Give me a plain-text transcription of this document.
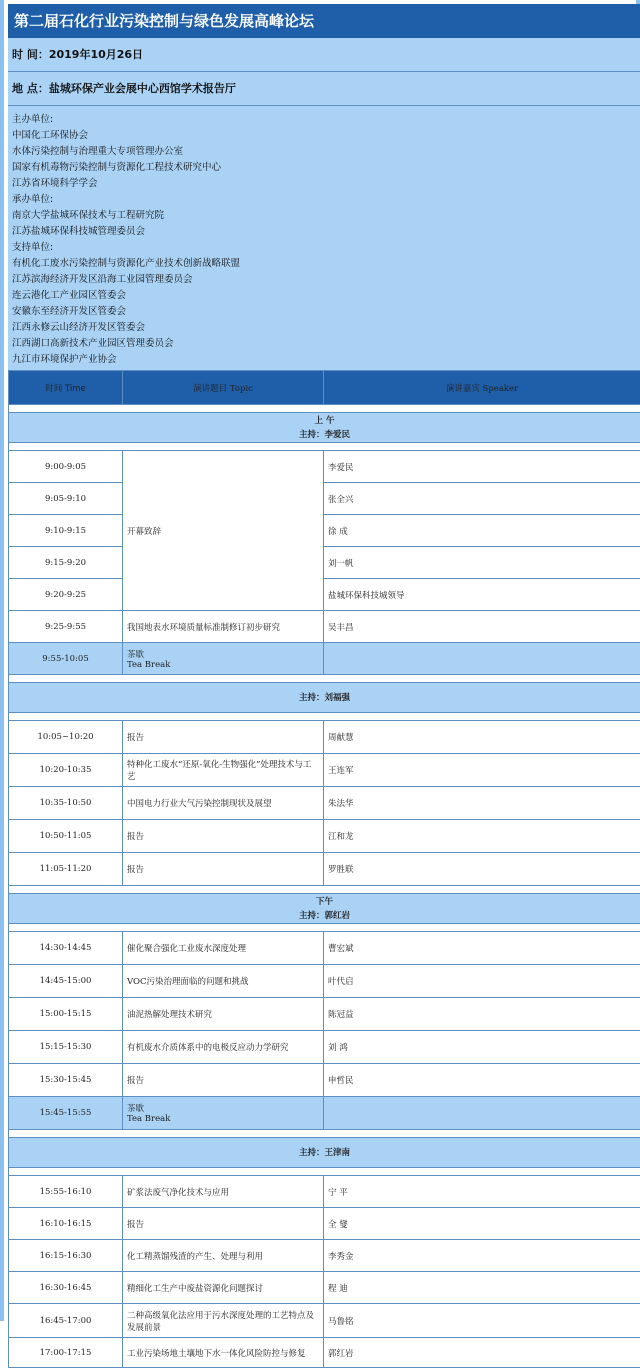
第二届石化行业污染控制与绿色发展高峰论坛
时 间：2019年10月26日
地 点：盐城环保产业会展中心西馆学术报告厅
主办单位:
中国化工环保协会
水体污染控制与治理重大专项管理办公室
国家有机毒物污染控制与资源化工程技术研究中心
江苏省环境科学学会
承办单位:
南京大学盐城环保技术与工程研究院
江苏盐城环保科技城管理委员会
支持单位:
有机化工废水污染控制与资源化产业技术创新战略联盟
江苏滨海经济开发区沿海工业园管理委员会
连云港化工产业园区管委会
安徽东至经济开发区管委会
江西永修云山经济开发区管委会
江西湖口高新技术产业园区管理委员会
九江市环境保护产业协会
时间 Time	演讲题目 Topic	演讲嘉宾 Speaker

上 午
主持：李爱民		

9:00-9:05	开幕致辞	李爱民
9:05-9:10		张全兴
9:10-9:15		徐 成
9:15-9:20		刘一帆
9:20-9:25		盐城环保科技城领导
9:25-9:55	我国地表水环境质量标准制修订初步研究	吴丰昌
9:55-10:05	茶歇
Tea Break	

主持：刘福强		

10:05~10:20	报告	周献慧
10:20-10:35	特种化工废水“还原-氧化-生物强化”处理技术与工艺	王连军
10:35-10:50	中国电力行业大气污染控制现状及展望	朱法华
10:50-11:05	报告	江和龙
11:05-11:20	报告	罗胜联

下午
主持：郭红岩		

14:30-14:45	催化聚合强化工业废水深度处理	曹宏斌
14:45-15:00	VOC污染治理面临的问题和挑战	叶代启
15:00-15:15	油泥热解处理技术研究	陈冠益
15:15-15:30	有机废水介质体系中的电极反应动力学研究	刘 鸿
15:30-15:45	报告	申哲民
15:45-15:55	茶歇
Tea Break	

主持：王津南		

15:55-16:10	矿浆法废气净化技术与应用	宁 平
16:10-16:15	报告	全 燮
16:15-16:30	化工精蒸馏残渣的产生、处理与利用	李秀金
16:30-16:45	精细化工生产中废盐资源化问题探讨	程 迪
16:45-17:00	二种高级氧化法应用于污水深度处理的工艺特点及发展前景	马鲁铭
17:00-17:15	工业污染场地土壤地下水一体化风险防控与修复	郭红岩
